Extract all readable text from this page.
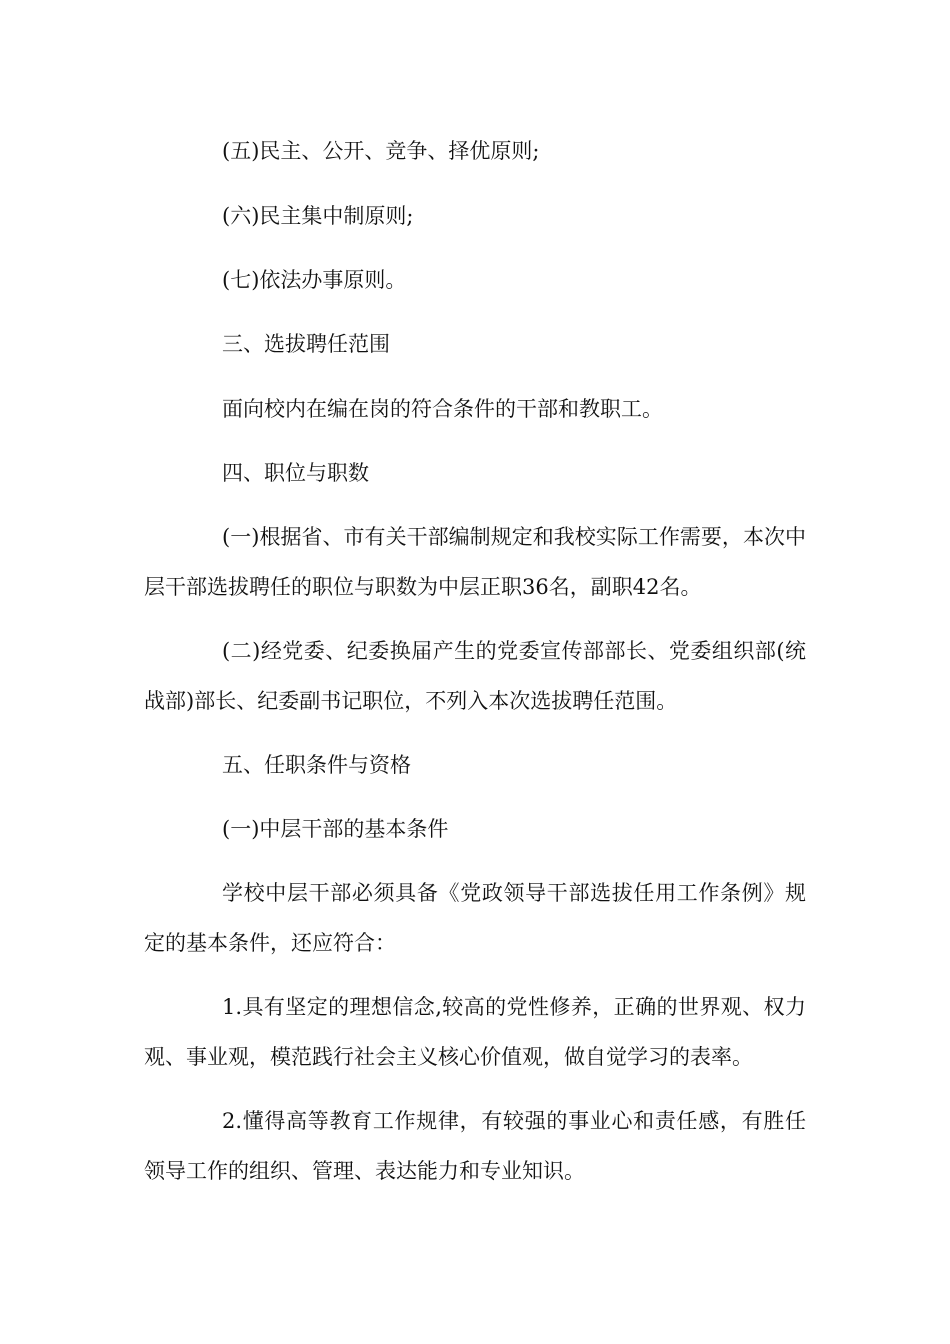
(五)民主、公开、竞争、择优原则;

(六)民主集中制原则;

(七)依法办事原则。

三、选拔聘任范围

面向校内在编在岗的符合条件的干部和教职工。

四、职位与职数

(一)根据省、市有关干部编制规定和我校实际工作需要，本次中层干部选拔聘任的职位与职数为中层正职36名，副职42名。

(二)经党委、纪委换届产生的党委宣传部部长、党委组织部(统战部)部长、纪委副书记职位，不列入本次选拔聘任范围。

五、任职条件与资格

(一)中层干部的基本条件

学校中层干部必须具备《党政领导干部选拔任用工作条例》规定的基本条件，还应符合：

1.具有坚定的理想信念,较高的党性修养，正确的世界观、权力观、事业观，模范践行社会主义核心价值观，做自觉学习的表率。

2.懂得高等教育工作规律，有较强的事业心和责任感，有胜任领导工作的组织、管理、表达能力和专业知识。
